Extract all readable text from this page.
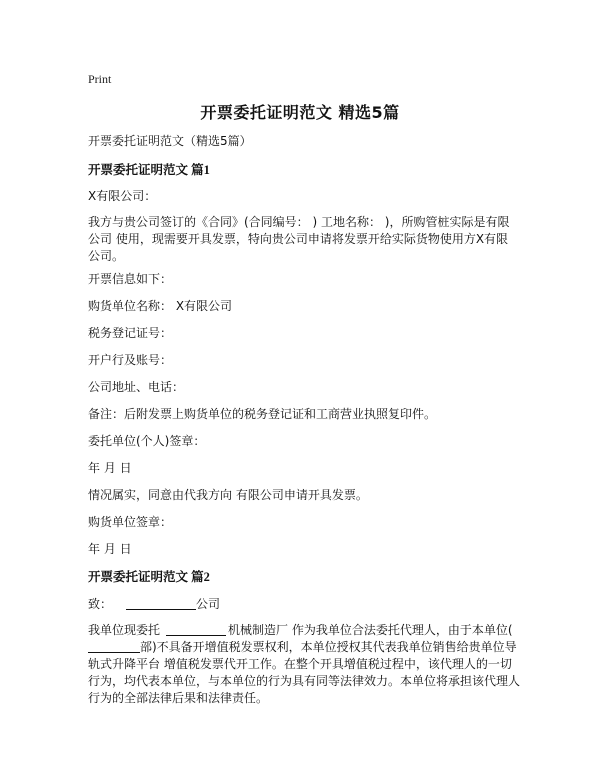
Print
开票委托证明范文 精选5篇
开票委托证明范文（精选5篇）
开票委托证明范文 篇1
X有限公司：
我方与贵公司签订的《合同》(合同编号： ) 工地名称： )，所购管桩实际是有限公司 使用，现需要开具发票，特向贵公司申请将发票开给实际货物使用方X有限公司。
开票信息如下：
购货单位名称： X有限公司
税务登记证号：
开户行及账号：
公司地址、电话：
备注：后附发票上购货单位的税务登记证和工商营业执照复印件。
委托单位(个人)签章：
年 月 日
情况属实，同意由代我方向 有限公司申请开具发票。
购货单位签章：
年 月 日
开票委托证明范文 篇2
致：	公司
我单位现委托	机械制造厂 作为我单位合法委托代理人，由于本单位(部)不具备开增值税发票权利，本单位授权其代表我单位销售给贵单位导轨式升降平台 增值税发票代开工作。在整个开具增值税过程中，该代理人的一切行为，均代表本单位，与本单位的行为具有同等法律效力。本单位将承担该代理人行为的全部法律后果和法律责任。
